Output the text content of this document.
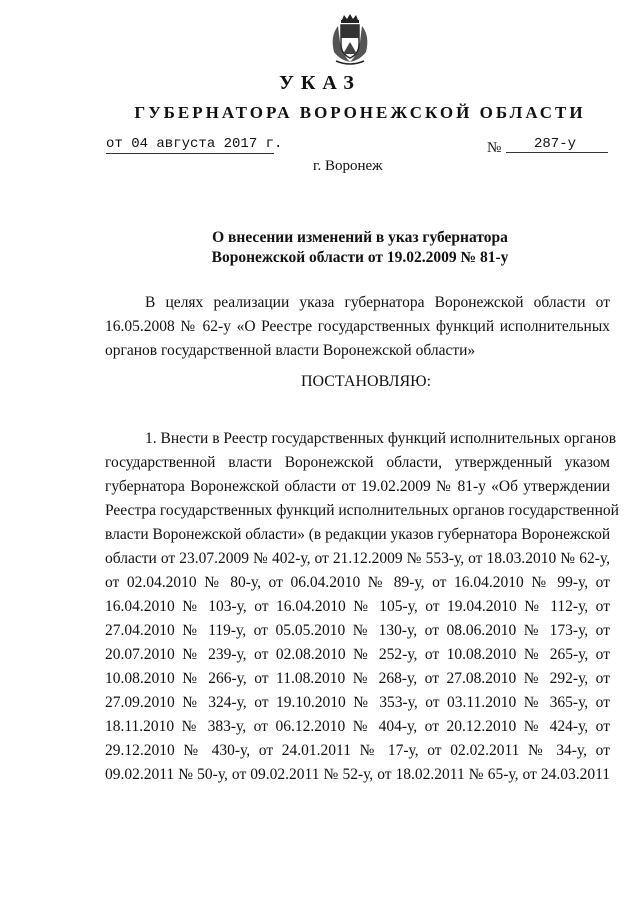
УКАЗ
ГУБЕРНАТОРА ВОРОНЕЖСКОЙ ОБЛАСТИ
от 04 августа 2017 г.	№	287-у
г. Воронеж
О внесении изменений в указ губернатора
Воронежской области от 19.02.2009 № 81-у
В целях реализации указа губернатора Воронежской области от
16.05.2008 № 62-у «О Реестре государственных функций исполнительных
органов государственной власти Воронежской области»
ПОСТАНОВЛЯЮ:
1. Внести в Реестр государственных функций исполнительных органов
государственной власти Воронежской области, утвержденный указом
губернатора Воронежской области от 19.02.2009 № 81-у «Об утверждении
Реестра государственных функций исполнительных органов государственной
власти Воронежской области» (в редакции указов губернатора Воронежской
области от 23.07.2009 № 402-у, от 21.12.2009 № 553-у, от 18.03.2010 № 62-у,
от 02.04.2010 № 80-у, от 06.04.2010 № 89-у, от 16.04.2010 № 99-у, от
16.04.2010 № 103-у, от 16.04.2010 № 105-у, от 19.04.2010 № 112-у, от
27.04.2010 № 119-у, от 05.05.2010 № 130-у, от 08.06.2010 № 173-у, от
20.07.2010 № 239-у, от 02.08.2010 № 252-у, от 10.08.2010 № 265-у, от
10.08.2010 № 266-у, от 11.08.2010 № 268-у, от 27.08.2010 № 292-у, от
27.09.2010 № 324-у, от 19.10.2010 № 353-у, от 03.11.2010 № 365-у, от
18.11.2010 № 383-у, от 06.12.2010 № 404-у, от 20.12.2010 № 424-у, от
29.12.2010 № 430-у, от 24.01.2011 № 17-у, от 02.02.2011 № 34-у, от
09.02.2011 № 50-у, от 09.02.2011 № 52-у, от 18.02.2011 № 65-у, от 24.03.2011
